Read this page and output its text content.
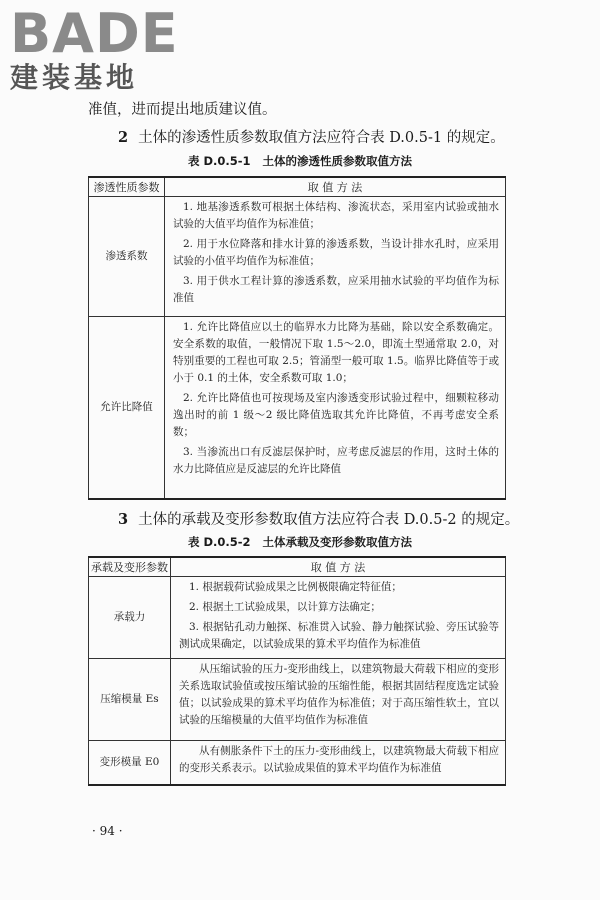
BADE
建装基地
准值，进而提出地质建议值。
2 土体的渗透性质参数取值方法应符合表 D.0.5-1 的规定。
表 D.0.5-1 土体的渗透性质参数取值方法
渗透性质参数	取 值 方 法
渗透系数	1. 地基渗透系数可根据土体结构、渗流状态，采用室内试验或抽水试验的大值平均值作为标准值；

2. 用于水位降落和排水计算的渗透系数，当设计排水孔时，应采用试验的小值平均值作为标准值；

3. 用于供水工程计算的渗透系数，应采用抽水试验的平均值作为标准值

允许比降值	1. 允许比降值应以土的临界水力比降为基础，除以安全系数确定。安全系数的取值，一般情况下取 1.5～2.0，即流土型通常取 2.0，对特别重要的工程也可取 2.5；管涌型一般可取 1.5。临界比降值等于或小于 0.1 的土体，安全系数可取 1.0；

2. 允许比降值也可按现场及室内渗透变形试验过程中，细颗粒移动逸出时的前 1 级～2 级比降值选取其允许比降值，不再考虑安全系数；

3. 当渗流出口有反滤层保护时，应考虑反滤层的作用，这时土体的水力比降值应是反滤层的允许比降值

3 土体的承载及变形参数取值方法应符合表 D.0.5-2 的规定。
表 D.0.5-2 土体承载及变形参数取值方法
承载及变形参数	取 值 方 法
承载力	1. 根据载荷试验成果之比例极限确定特征值；

2. 根据土工试验成果，以计算方法确定；

3. 根据钻孔动力触探、标准贯入试验、静力触探试验、旁压试验等测试成果确定，以试验成果的算术平均值作为标准值

压缩模量 Es	从压缩试验的压力-变形曲线上，以建筑物最大荷载下相应的变形关系选取试验值或按压缩试验的压缩性能，根据其固结程度选定试验值；以试验成果的算术平均值作为标准值；对于高压缩性软土，宜以试验的压缩模量的大值平均值作为标准值

变形模量 E0	从有侧胀条件下土的压力-变形曲线上，以建筑物最大荷载下相应的变形关系表示。以试验成果值的算术平均值作为标准值

· 94 ·
